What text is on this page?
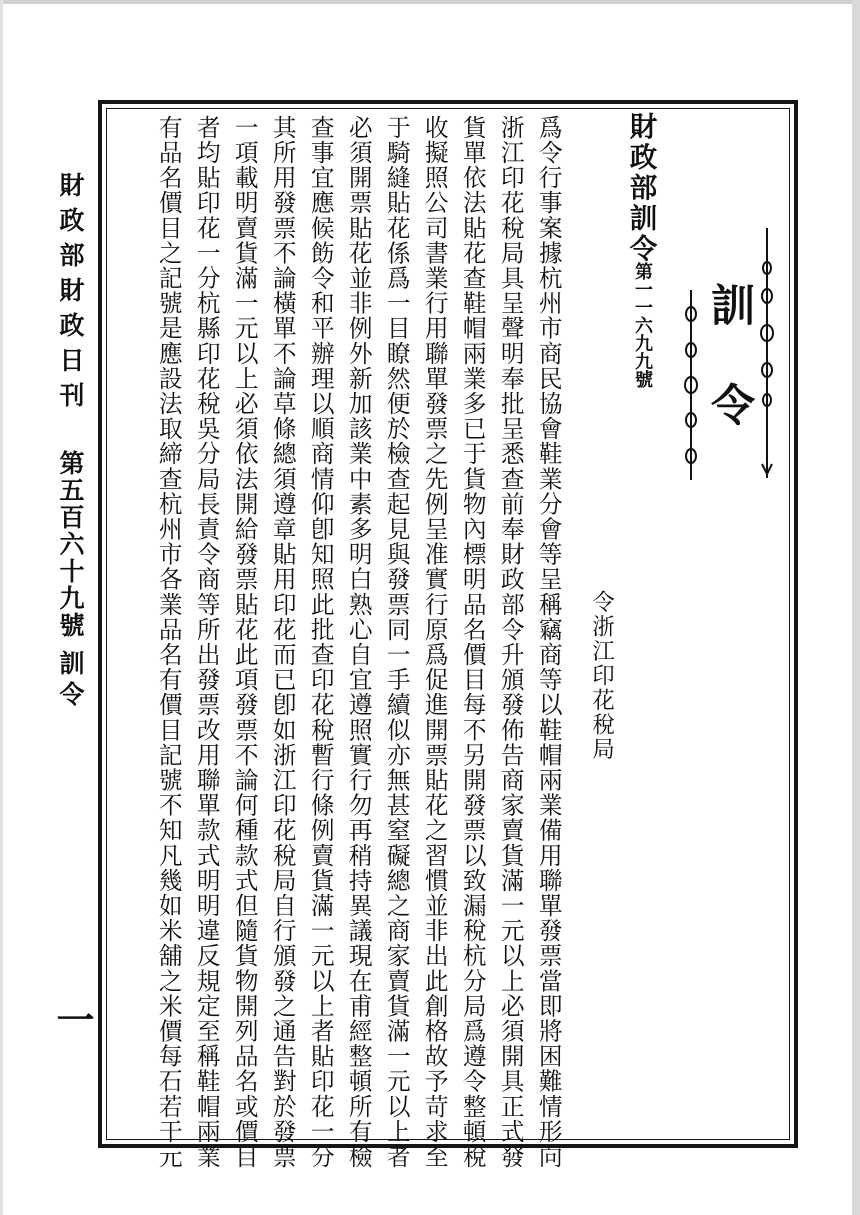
財政部財政日刊
第五百六十九號
訓令
一
訓
令
財政部訓令
第一一六九九號
令浙江印花稅局
爲令行事案據杭州市商民協會鞋業分會等呈稱竊商等以鞋帽兩業備用聯單發票當即將困難情形向
浙江印花稅局具呈聲明奉批呈悉查前奉財政部令升頒發佈告商家賣貨滿一元以上必須開具正式發
貨單依法貼花查鞋帽兩業多已于貨物內標明品名價目每不另開發票以致漏稅杭分局爲遵令整頓稅
收擬照公司書業行用聯單發票之先例呈准實行原爲促進開票貼花之習慣並非出此創格故予苛求至
于騎縫貼花係爲一目瞭然便於檢查起見與發票同一手續似亦無甚窒礙總之商家賣貨滿一元以上者
必須開票貼花並非例外新加該業中素多明白熟心自宜遵照實行勿再稍持異議現在甫經整頓所有檢
查事宜應候飭令和平辦理以順商情仰卽知照此批查印花稅暫行條例賣貨滿一元以上者貼印花一分
其所用發票不論橫單不論草條總須遵章貼用印花而已卽如浙江印花稅局自行頒發之通告對於發票
一項載明賣貨滿一元以上必須依法開給發票貼花此項發票不論何種款式但隨貨物開列品名或價目
者均貼印花一分杭縣印花稅吳分局長責令商等所出發票改用聯單款式明明違反規定至稱鞋帽兩業
有品名價目之記號是應設法取締查杭州市各業品名有價目記號不知凡幾如米舖之米價每石若干元
